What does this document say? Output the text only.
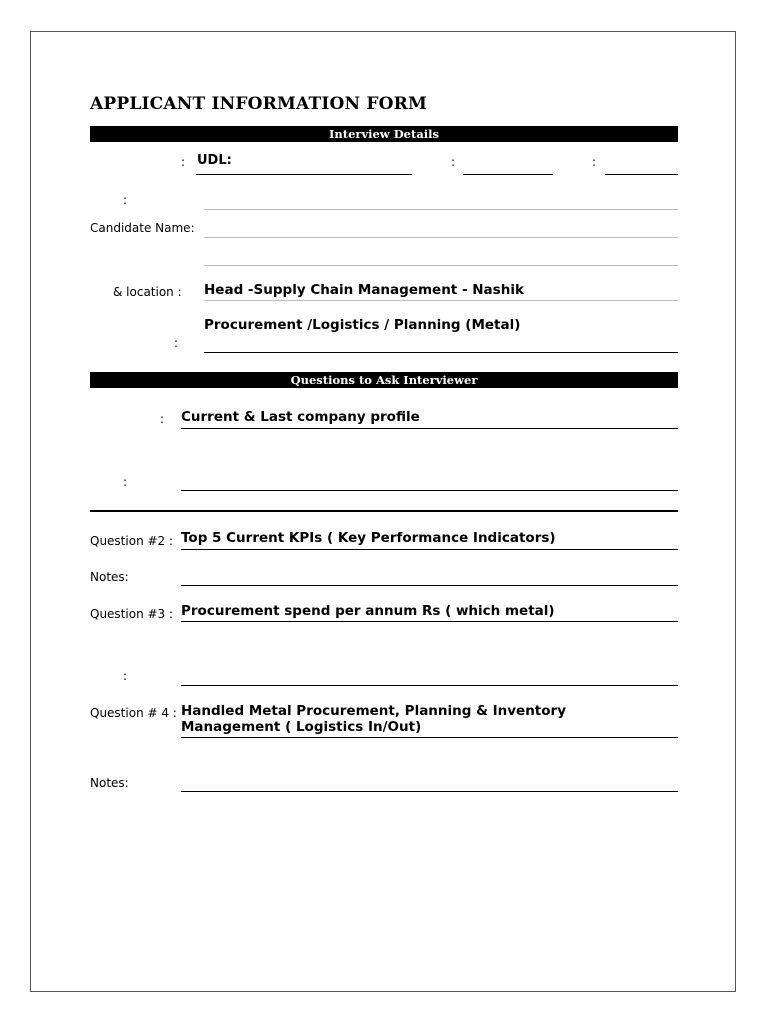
APPLICANT INFORMATION FORM
Interview Details
: UDL:	:	:
:
Candidate Name:
& location : Head -Supply Chain Management - Nashik
Procurement /Logistics / Planning (Metal)
:
Questions to Ask Interviewer
: Current & Last company profile
:
Question #2 : Top 5 Current KPIs ( Key Performance Indicators)
Notes:
Question #3 : Procurement spend per annum Rs ( which metal)
:
Question # 4 : Handled Metal Procurement, Planning & Inventory
Management ( Logistics In/Out)
Notes:
